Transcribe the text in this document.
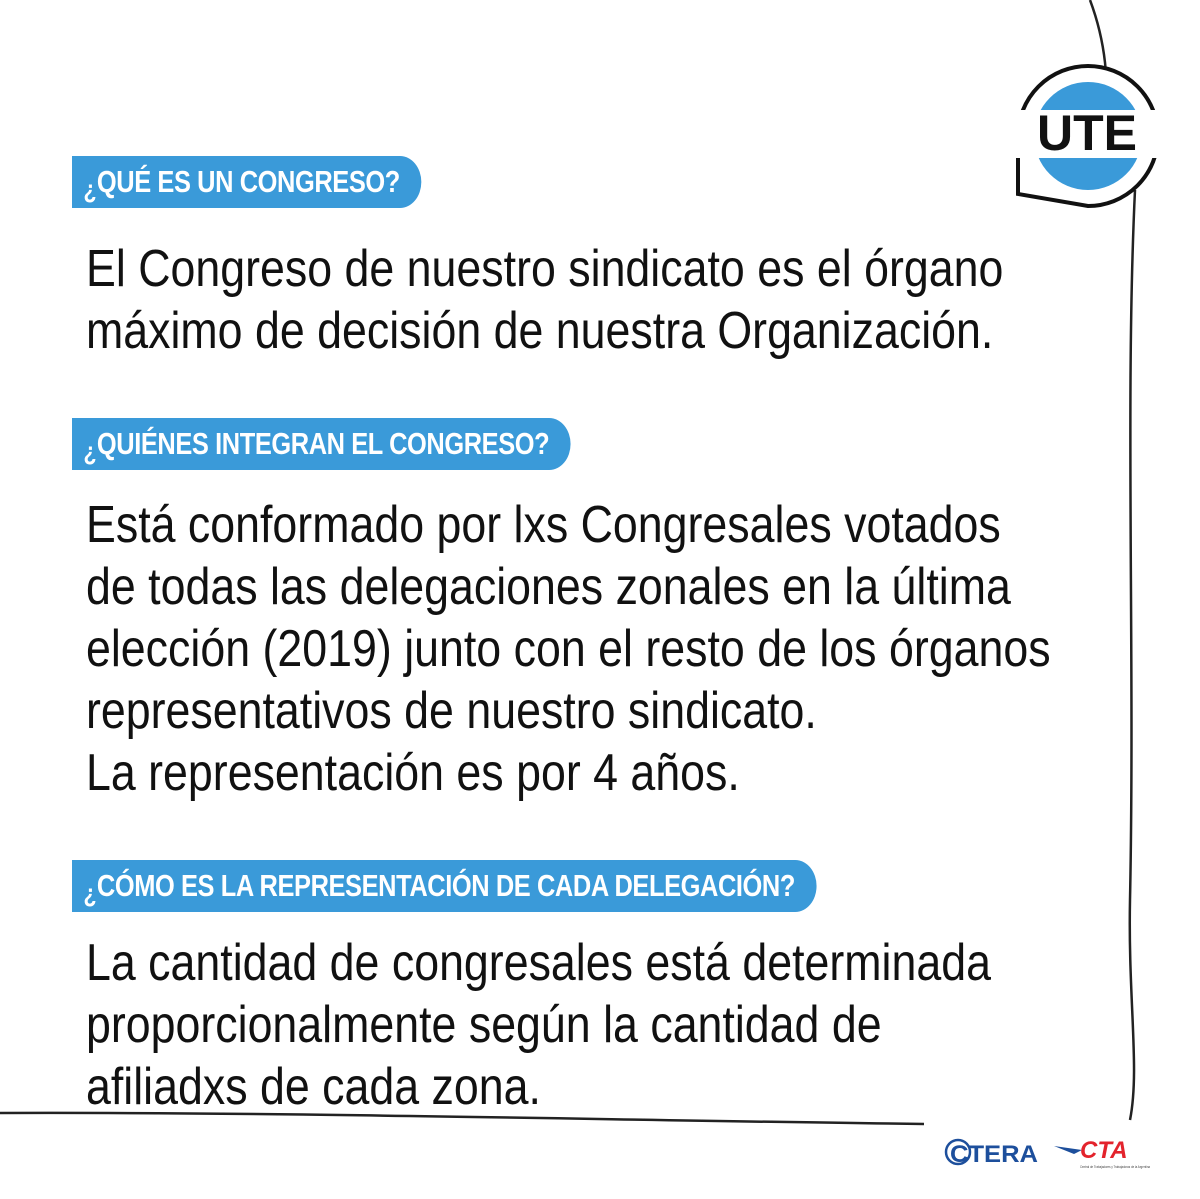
UTE
¿ QUÉ ES UN CONGRESO?
El Congreso de nuestro sindicato es el órgano
máximo de decisión de nuestra Organización.
¿ QUIÉNES INTEGRAN EL CONGRESO?
Está conformado por lxs Congresales votados
de todas las delegaciones zonales en la última
elección (2019) junto con el resto de los órganos
representativos de nuestro sindicato.
La representación es por 4 años.
¿ CÓMO ES LA REPRESENTACIÓN DE CADA DELEGACIÓN?
La cantidad de congresales está determinada
proporcionalmente según la cantidad de
afiliadxs de cada zona.
CTERA CTA
Central de Trabajadores y Trabajadoras de la Argentina
